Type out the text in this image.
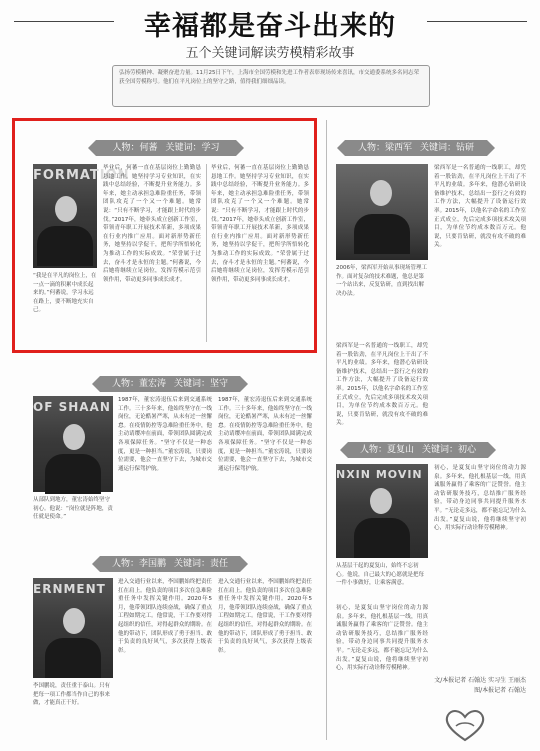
幸福都是奋斗出来的
五个关键词解读劳模精彩故事
弘扬劳模精神、凝聚奋进力量。11月25日下午，上海市全国劳模和先进工作者表彰现场传来喜讯，市交通委系统多名同志荣获全国劳模称号。他们在平凡岗位上的坚守之路，值得我们细细品读。
人物：何蕃 关键词：学习
FORMATION
“我是在平凡的岗位上，在一点一滴的积累中成长起来的。”何蕃说，学习永远在路上，要不断地充实自己。
毕业后，何蕃一直在基层岗位上勤勤恳恳地工作。她坚持学习专业知识，在实践中总结经验，不断提升业务能力。多年来，她主动承担急难险重任务，带领团队攻克了一个又一个难题。她常说：“只有不断学习，才能跟上时代的步伐。”2017年，她牵头成立创新工作室，带领青年职工开展技术革新，多项成果在行业内推广应用。面对新形势新任务，她坚持以学促干，把所学所悟转化为推动工作的实际成效。“荣誉属于过去，奋斗才是永恒的主题。”何蕃说，今后她将继续立足岗位，发挥劳模示范引领作用，带动更多同事成长成才。
毕业后，何蕃一直在基层岗位上勤勤恳恳地工作。她坚持学习专业知识，在实践中总结经验，不断提升业务能力。多年来，她主动承担急难险重任务，带领团队攻克了一个又一个难题。她常说：“只有不断学习，才能跟上时代的步伐。”2017年，她牵头成立创新工作室，带领青年职工开展技术革新，多项成果在行业内推广应用。面对新形势新任务，她坚持以学促干，把所学所悟转化为推动工作的实际成效。“荣誉属于过去，奋斗才是永恒的主题。”何蕃说，今后她将继续立足岗位，发挥劳模示范引领作用，带动更多同事成长成才。
人物：梁西军 关键词：钻研
2006年，梁西军开始从事现场管理工作。面对复杂的技术难题，他总是第一个站出来，反复钻研，直到找出解决办法。
梁西军是一名普通的一线职工，却凭着一股钻劲，在平凡岗位上干出了不平凡的业绩。多年来，他潜心钻研设备维护技术，总结出一套行之有效的工作方法，大幅提升了设备运行效率。2015年，以他名字命名的工作室正式成立，先后完成多项技术攻关项目，为单位节约成本数百万元。他说，只要肯钻研，就没有攻不破的难关。
梁西军是一名普通的一线职工，却凭着一股钻劲，在平凡岗位上干出了不平凡的业绩。多年来，他潜心钻研设备维护技术，总结出一套行之有效的工作方法，大幅提升了设备运行效率。2015年，以他名字命名的工作室正式成立，先后完成多项技术攻关项目，为单位节约成本数百万元。他说，只要肯钻研，就没有攻不破的难关。
人物：董宏涛 关键词：坚守
OF SHAAN
从部队到地方，董宏涛始终坚守初心。他说：“岗位就是阵地，责任就是使命。”
1987年，董宏涛退伍后来到交通系统工作。三十多年来，他始终坚守在一线岗位，无论酷暑严寒，从未有过一丝懈怠。在疫情防控等急难险重任务中，他主动请缨冲在前面，带领团队圆满完成各项保障任务。“坚守不仅是一种态度，更是一种担当。”董宏涛说，只要岗位需要，他会一直坚守下去，为城市交通运行保驾护航。
1987年，董宏涛退伍后来到交通系统工作。三十多年来，他始终坚守在一线岗位，无论酷暑严寒，从未有过一丝懈怠。在疫情防控等急难险重任务中，他主动请缨冲在前面，带领团队圆满完成各项保障任务。“坚守不仅是一种态度，更是一种担当。”董宏涛说，只要岗位需要，他会一直坚守下去，为城市交通运行保驾护航。
人物：夏复山 关键词：初心
NXIN MOVIN
从基层干起的夏复山，始终不忘初心。他说，自己最大的心愿就是把每一件小事做好，让乘客满意。
初心，是夏复山坚守岗位的动力源泉。多年来，他扎根基层一线，用真诚服务赢得了乘客的广泛赞誉。他主动钻研服务技巧，总结推广服务经验，带动身边同事共同提升服务水平。“无论走多远，都不能忘记为什么出发。”夏复山说，他将继续坚守初心，用实际行动诠释劳模精神。
初心，是夏复山坚守岗位的动力源泉。多年来，他扎根基层一线，用真诚服务赢得了乘客的广泛赞誉。他主动钻研服务技巧，总结推广服务经验，带动身边同事共同提升服务水平。“无论走多远，都不能忘记为什么出发。”夏复山说，他将继续坚守初心，用实际行动诠释劳模精神。
人物：李国鹏 关键词：责任
ERNMENT
李国鹏说，责任重于泰山。只有把每一项工作都当作自己的事来做，才能真正干好。
进入交通行业以来，李国鹏始终把责任扛在肩上。他负责的项目多次在急难险重任务中发挥关键作用。2020年5月，他带领团队连续奋战，确保了重点工程如期完工。他常说，干工作要对得起组织的信任，对得起群众的期盼。在他的带动下，团队形成了勇于担当、敢于负责的良好风气，多次获得上级表彰。
进入交通行业以来，李国鹏始终把责任扛在肩上。他负责的项目多次在急难险重任务中发挥关键作用。2020年5月，他带领团队连续奋战，确保了重点工程如期完工。他常说，干工作要对得起组织的信任，对得起群众的期盼。在他的带动下，团队形成了勇于担当、敢于负责的良好风气，多次获得上级表彰。
文/本报记者 石翰达 实习生 王丽杰
图/本报记者 石翰达
